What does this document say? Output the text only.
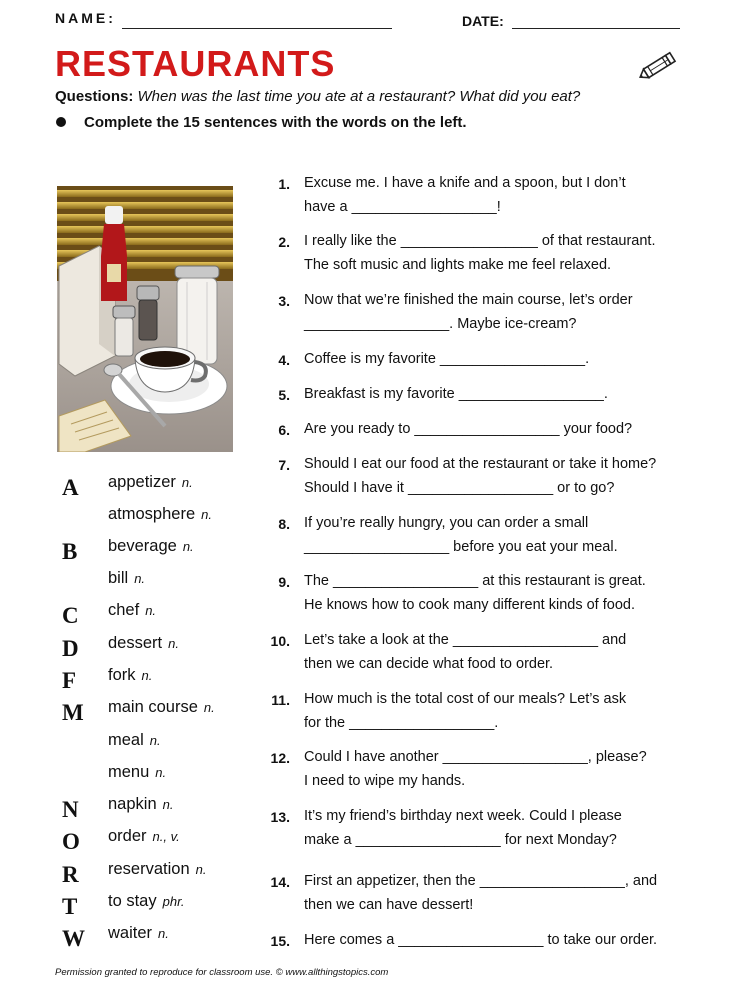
NAME:	DATE:
RESTAURANTS
Questions: When was the last time you ate at a restaurant? What did you eat?
Complete the 15 sentences with the words on the left.
A	appetizer n.
atmosphere n.
B	beverage n.
bill n.
C	chef n.
D	dessert n.
F	fork n.
M main course n.
meal n.
menu n.
N	napkin n.
O	order n., v.
R	reservation n.
T	to stay phr.
W waiter n.
1. Excuse me. I have a knife and a spoon, but I don’t
have a __________________!
2. I really like the _________________ of that restaurant.
The soft music and lights make me feel relaxed.
3. Now that we’re finished the main course, let’s order
__________________. Maybe ice-cream?
4. Coffee is my favorite __________________.
5. Breakfast is my favorite __________________.
6. Are you ready to __________________ your food?
7. Should I eat our food at the restaurant or take it home?
Should I have it __________________ or to go?
8. If you’re really hungry, you can order a small
__________________ before you eat your meal.
9. The __________________ at this restaurant is great.
He knows how to cook many different kinds of food.
10. Let’s take a look at the __________________ and
then we can decide what food to order.
11. How much is the total cost of our meals? Let’s ask
for the __________________.
12. Could I have another __________________, please?
I need to wipe my hands.
13. It’s my friend’s birthday next week. Could I please
make a __________________ for next Monday?
14. First an appetizer, then the __________________, and
then we can have dessert!
15. Here comes a __________________ to take our order.
Permission granted to reproduce for classroom use. © www.allthingstopics.com
